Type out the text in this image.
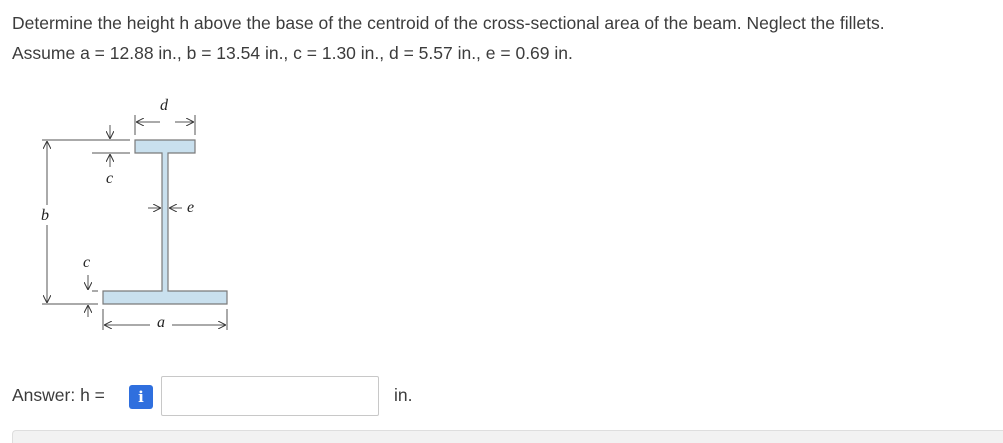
Determine the height h above the base of the centroid of the cross-sectional area of the beam. Neglect the fillets.
Assume a = 12.88 in., b = 13.54 in., c = 1.30 in., d = 5.57 in., e = 0.69 in.
b
d
a
c
c
e
Answer: h =	i	in.
